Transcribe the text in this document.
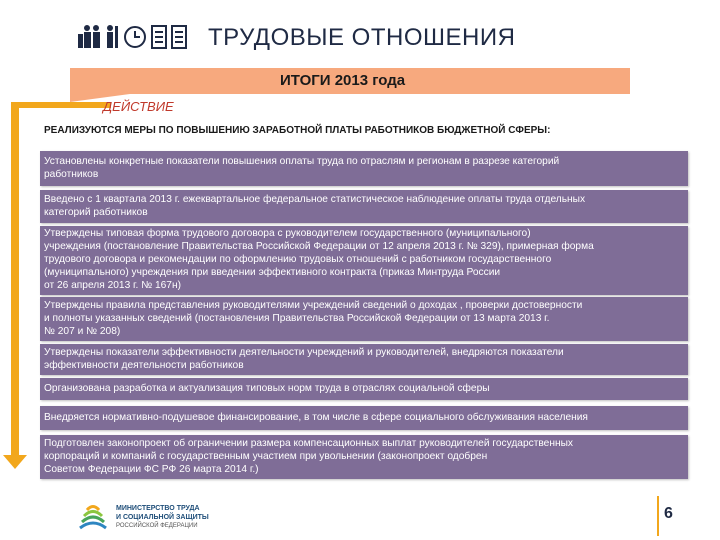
ТРУДОВЫЕ ОТНОШЕНИЯ
ИТОГИ 2013 года
ДЕЙСТВИЕ
РЕАЛИЗУЮТСЯ МЕРЫ ПО ПОВЫШЕНИЮ ЗАРАБОТНОЙ ПЛАТЫ РАБОТНИКОВ БЮДЖЕТНОЙ СФЕРЫ:
Установлены конкретные показатели повышения оплаты труда по отраслям и регионам в разрезе категорий
работников
Введено с 1 квартала 2013 г. ежеквартальное федеральное статистическое наблюдение оплаты труда отдельных
категорий работников
Утверждены типовая форма трудового договора с руководителем государственного (муниципального)
учреждения (постановление Правительства Российской Федерации от 12 апреля 2013 г. № 329), примерная форма
трудового договора и рекомендации по оформлению трудовых отношений с работником государственного
(муниципального) учреждения при введении эффективного контракта (приказ Минтруда России
от 26 апреля 2013 г. № 167н)
Утверждены правила представления руководителями учреждений сведений о доходах , проверки достоверности
и полноты указанных сведений (постановления Правительства Российской Федерации от 13 марта 2013 г.
№ 207 и № 208)
Утверждены показатели эффективности деятельности учреждений и руководителей, внедряются показатели
эффективности деятельности работников
Организована разработка и актуализация типовых норм труда в отраслях социальной сферы
Внедряется нормативно-подушевое финансирование, в том числе в сфере социального обслуживания населения
Подготовлен законопроект об ограничении размера компенсационных выплат руководителей государственных
корпораций и компаний с государственным участием при увольнении (законопроект одобрен
Советом Федерации ФС РФ 26 марта 2014 г.)
МИНИСТЕРСТВО ТРУДА
И СОЦИАЛЬНОЙ ЗАЩИТЫ
РОССИЙСКОЙ ФЕДЕРАЦИИ
6
